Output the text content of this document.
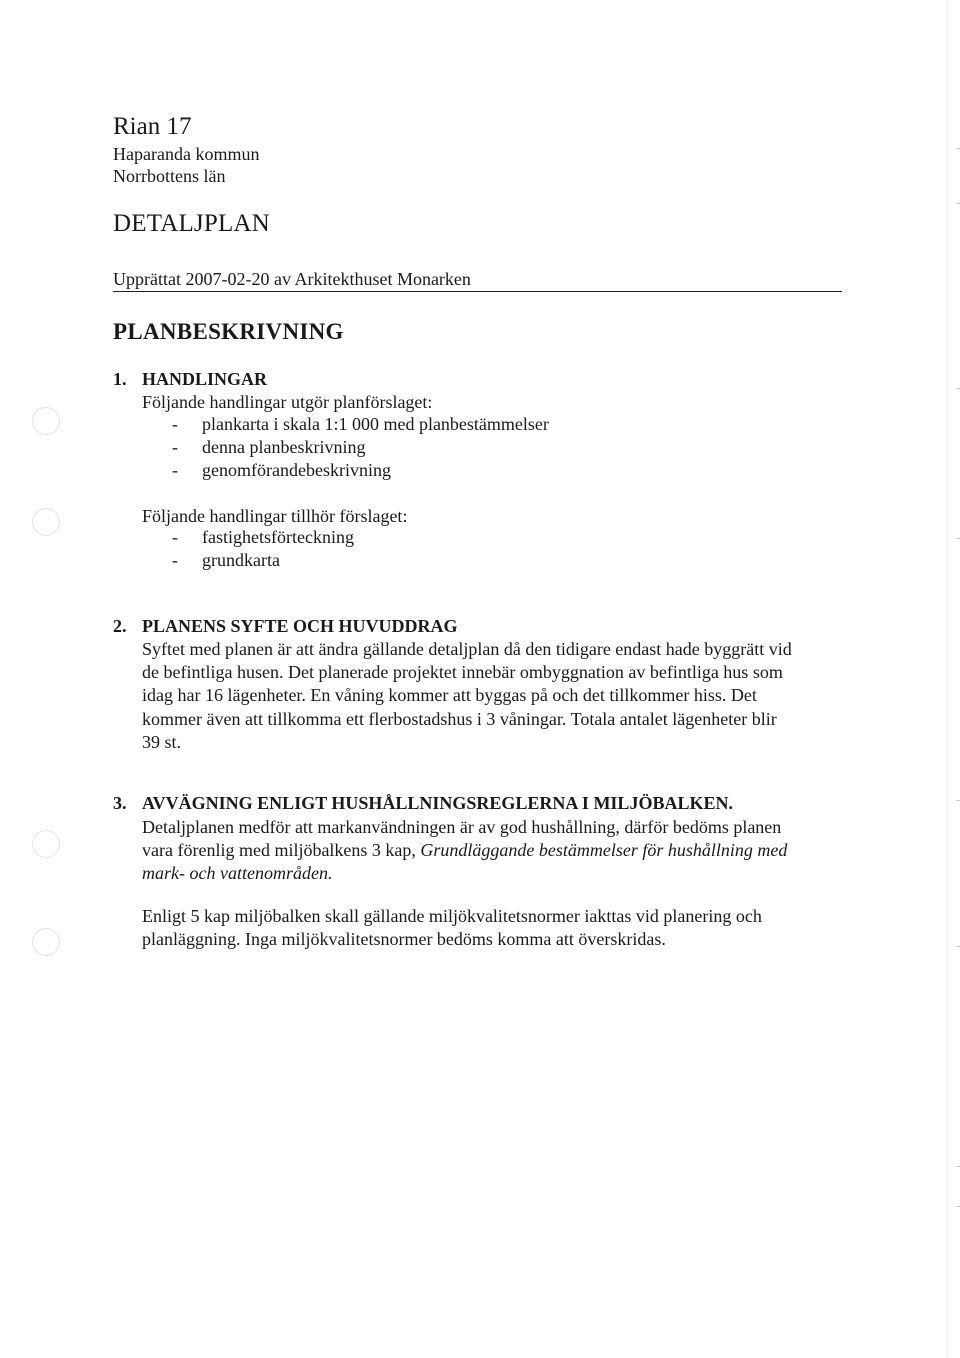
Rian 17
Haparanda kommun
Norrbottens län
DETALJPLAN
Upprättat 2007-02-20 av Arkitekthuset Monarken
PLANBESKRIVNING
1. HANDLINGAR
Följande handlingar utgör planförslaget:
- plankarta i skala 1:1 000 med planbestämmelser
- denna planbeskrivning
- genomförandebeskrivning
Följande handlingar tillhör förslaget:
- fastighetsförteckning
- grundkarta
2. PLANENS SYFTE OCH HUVUDDRAG
Syftet med planen är att ändra gällande detaljplan då den tidigare endast hade byggrätt vid
de befintliga husen. Det planerade projektet innebär ombyggnation av befintliga hus som
idag har 16 lägenheter. En våning kommer att byggas på och det tillkommer hiss. Det
kommer även att tillkomma ett flerbostadshus i 3 våningar. Totala antalet lägenheter blir
39 st.
3. AVVÄGNING ENLIGT HUSHÅLLNINGSREGLERNA I MILJÖBALKEN.
Detaljplanen medför att markanvändningen är av god hushållning, därför bedöms planen
vara förenlig med miljöbalkens 3 kap, Grundläggande bestämmelser för hushållning med
mark- och vattenområden.
Enligt 5 kap miljöbalken skall gällande miljökvalitetsnormer iakttas vid planering och
planläggning. Inga miljökvalitetsnormer bedöms komma att överskridas.
